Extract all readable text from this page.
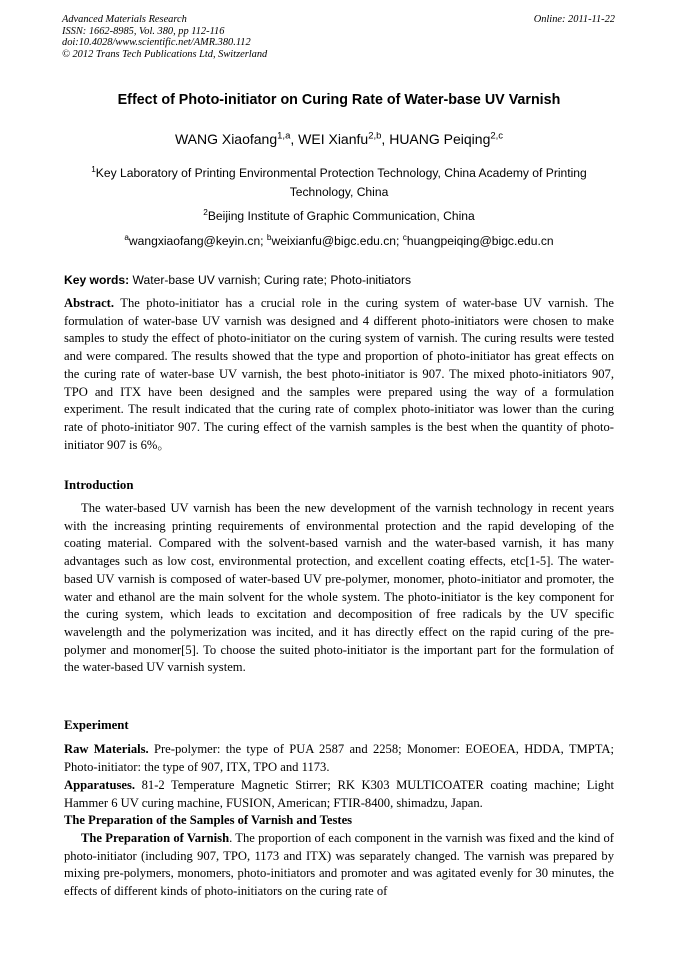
Advanced Materials Research
ISSN: 1662-8985, Vol. 380, pp 112-116
doi:10.4028/www.scientific.net/AMR.380.112
© 2012 Trans Tech Publications Ltd, Switzerland
Online: 2011-11-22
Effect of Photo-initiator on Curing Rate of Water-base UV Varnish
WANG Xiaofang$^{1,a}$, WEI Xianfu$^{2,b}$, HUANG Peiqing$^{2,c}$
$^1$Key Laboratory of Printing Environmental Protection Technology, China Academy of Printing Technology, China
$^2$Beijing Institute of Graphic Communication, China
$^a$wangxiaofang@keyin.cn; $^b$weixianfu@bigc.edu.cn; $^c$huangpeiqing@bigc.edu.cn
Key words: Water-base UV varnish; Curing rate; Photo-initiators
Abstract. The photo-initiator has a crucial role in the curing system of water-base UV varnish. The formulation of water-base UV varnish was designed and 4 different photo-initiators were chosen to make samples to study the effect of photo-initiator on the curing system of varnish. The curing results were tested and were compared. The results showed that the type and proportion of photo-initiator has great effects on the curing rate of water-base UV varnish, the best photo-initiator is 907. The mixed photo-initiators 907, TPO and ITX have been designed and the samples were prepared using the way of a formulation experiment. The result indicated that the curing rate of complex photo-initiator was lower than the curing rate of photo-initiator 907. The curing effect of the varnish samples is the best when the quantity of photo-initiator 907 is 6%。
Introduction
The water-based UV varnish has been the new development of the varnish technology in recent years with the increasing printing requirements of environmental protection and the rapid developing of the coating material. Compared with the solvent-based varnish and the water-based varnish, it has many advantages such as low cost, environmental protection, and excellent coating effects, etc[1-5]. The water-based UV varnish is composed of water-based UV pre-polymer, monomer, photo-initiator and promoter, the water and ethanol are the main solvent for the whole system. The photo-initiator is the key component for the curing system, which leads to excitation and decomposition of free radicals by the UV specific wavelength and the polymerization was incited, and it has directly effect on the rapid curing of the pre-polymer and monomer[5]. To choose the suited photo-initiator is the important part for the formulation of the water-based UV varnish system.
Experiment
Raw Materials. Pre-polymer: the type of PUA 2587 and 2258; Monomer: EOEOEA, HDDA, TMPTA; Photo-initiator: the type of 907, ITX, TPO and 1173.
Apparatuses. 81-2 Temperature Magnetic Stirrer; RK K303 MULTICOATER coating machine; Light Hammer 6 UV curing machine, FUSION, American; FTIR-8400, shimadzu, Japan.
The Preparation of the Samples of Varnish and Testes
The Preparation of Varnish. The proportion of each component in the varnish was fixed and the kind of photo-initiator (including 907, TPO, 1173 and ITX) was separately changed. The varnish was prepared by mixing pre-polymers, monomers, photo-initiators and promoter and was agitated evenly for 30 minutes, the effects of different kinds of photo-initiators on the curing rate of
